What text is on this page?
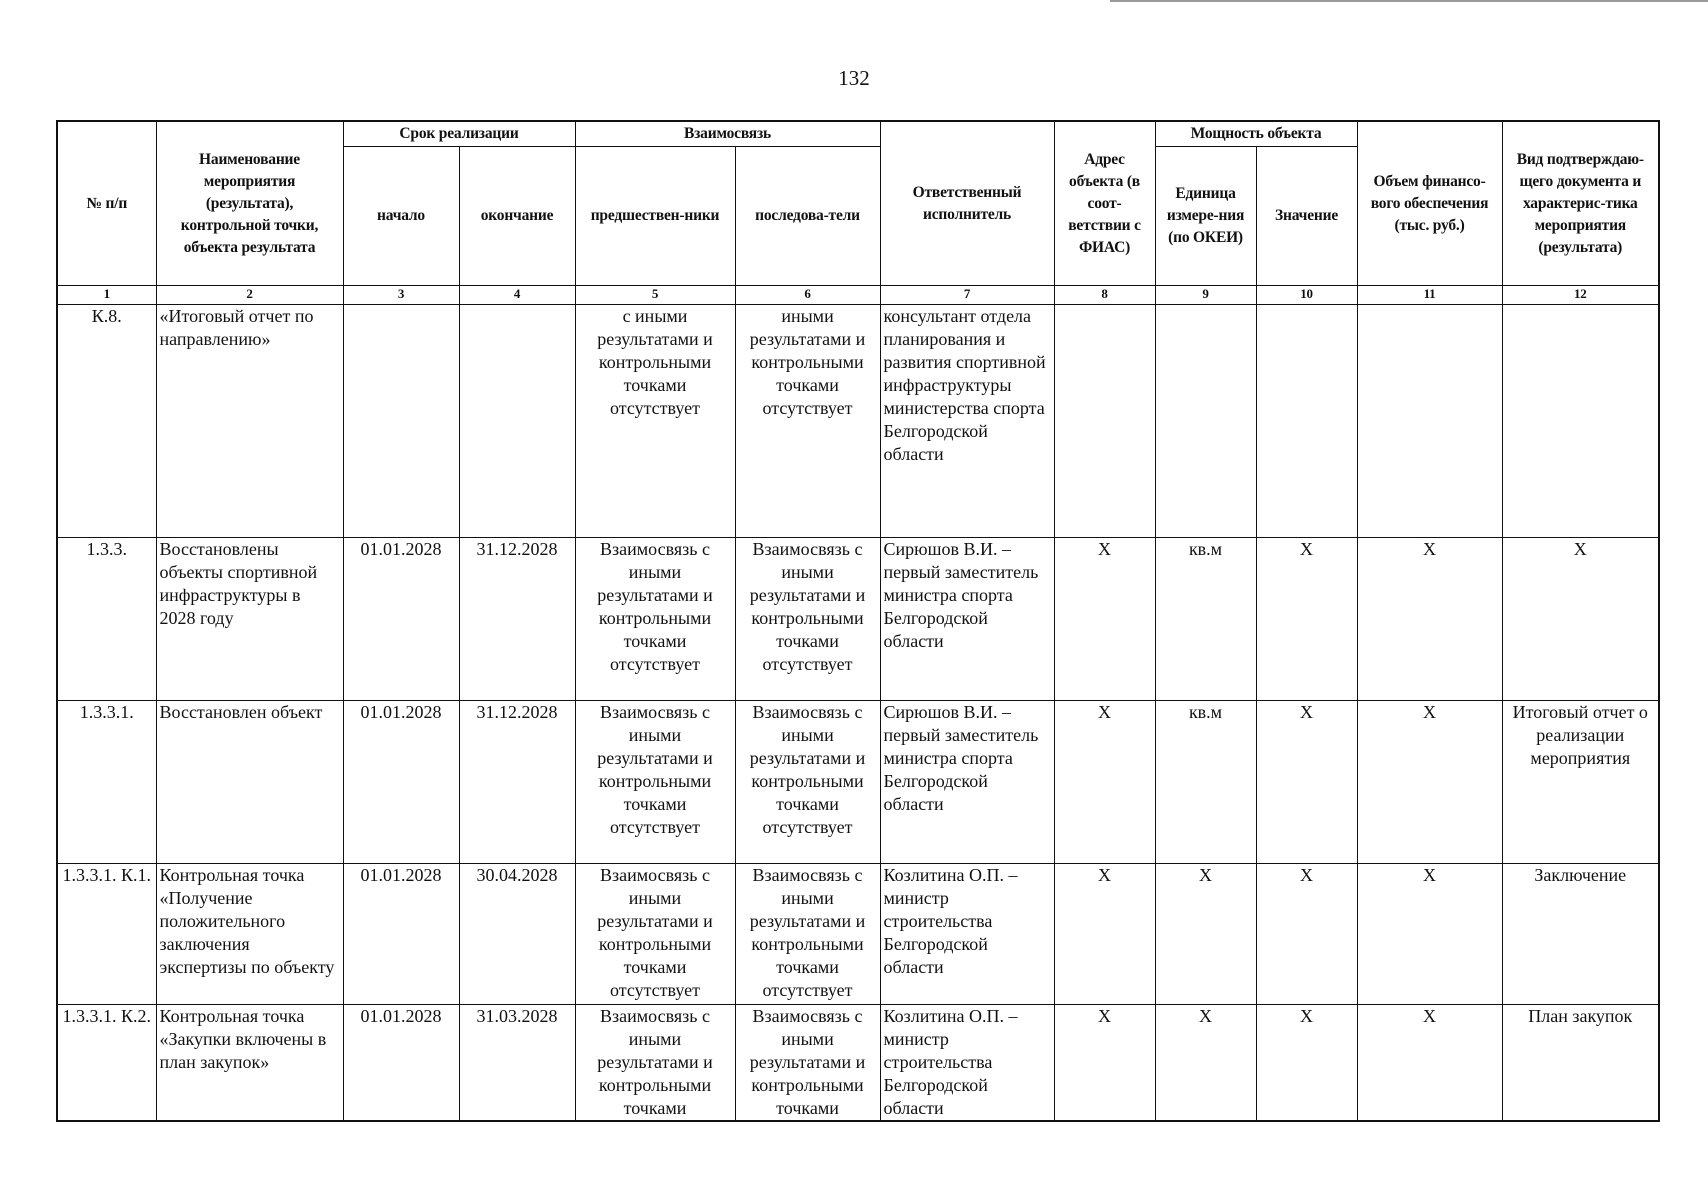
132
№ п/п	Наименование мероприятия (результата), контрольной точки, объекта результата	Срок реализации		Взаимосвязь		Ответственный исполнитель	Адрес объекта (в соот-ветствии с ФИАС)	Мощность объекта		Объем финансо-вого обеспечения (тыс. руб.)	Вид подтверждаю-щего документа и характерис-тика мероприятия (результата)
		начало	окончание	предшествен-ники	последова-тели			Единица измере-ния (по ОКЕИ)	Значение		
1	2	3	4	5	6	7	8	9	10	11	12
К.8.	«Итоговый отчет по направлению»			с иными результатами и контрольными точками отсутствует	иными результатами и контрольными точками отсутствует	консультант отдела планирования и развития спортивной инфраструктуры министерства спорта Белгородской области					
1.3.3.	Восстановлены объекты спортивной инфраструктуры в 2028 году	01.01.2028	31.12.2028	Взаимосвязь с иными результатами и контрольными точками отсутствует	Взаимосвязь с иными результатами и контрольными точками отсутствует	Сирюшов В.И. – первый заместитель министра спорта Белгородской области	X	кв.м	X	X	X
1.3.3.1.	Восстановлен объект	01.01.2028	31.12.2028	Взаимосвязь с иными результатами и контрольными точками отсутствует	Взаимосвязь с иными результатами и контрольными точками отсутствует	Сирюшов В.И. – первый заместитель министра спорта Белгородской области	X	кв.м	X	X	Итоговый отчет о реализации мероприятия
1.3.3.1. К.1.	Контрольная точка «Получение положительного заключения экспертизы по объекту	01.01.2028	30.04.2028	Взаимосвязь с иными результатами и контрольными точками отсутствует	Взаимосвязь с иными результатами и контрольными точками отсутствует	Козлитина О.П. – министр строительства Белгородской области	X	X	X	X	Заключение
1.3.3.1. К.2.	Контрольная точка «Закупки включены в план закупок»	01.01.2028	31.03.2028	Взаимосвязь с иными результатами и контрольными точками	Взаимосвязь с иными результатами и контрольными точками	Козлитина О.П. – министр строительства Белгородской области	X	X	X	X	План закупок
